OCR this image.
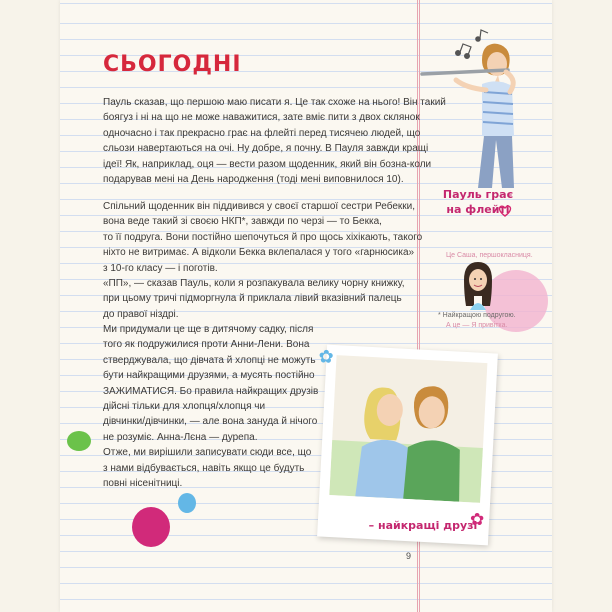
СЬОГОДНІ

Пауль сказав, що першою маю писати я. Це так схоже на нього! Він такий
боягуз і ні на що не може наважитися, зате вміє пити з двох склянок
одночасно і так прекрасно грає на флейті перед тисячею людей, що
сльози навертаються на очі. Ну добре, я почну. В Пауля завжди кращі
ідеї! Як, наприклад, оця — вести разом щоденник, який він бозна-коли
подарував мені на День народження (тоді мені виповнилося 10).

Спільний щоденник він піддивився у своєї старшої сестри Ребекки,
вона веде такий зі своєю НКП*, завжди по черзі — то Бекка,
то її подруга. Вони постійно шепочуться й про щось хіхікають, такого
ніхто не витримає. А відколи Бекка вклепалася у того «гарнюсика»
з 10-го класу — і поготів.

«ПП», — сказав Пауль, коли я розпакувала велику чорну книжку,
при цьому тричі підморгнула й приклала лівий вказівний палець
до правої ніздрі.

Ми придумали це ще в дитячому садку, після
того як подружилися проти Анни-Лени. Вона
стверджувала, що дівчата й хлопці не можуть
бути найкращими друзями, а мусять постійно
ЗАЖИМАТИСЯ. Бо правила найкращих друзів
дійсні тільки для хлопця/хлопця чи
дівчинки/дівчинки, — але вона зануда й нічого
не розуміє. Анна-Лєна — дурепа.
Отже, ми вирішили записувати сюди все, що
з нами відбувається, навіть якщо це будуть
повні нісенітниці.

Пауль грає
на флейті

Це Саша, першокласниця.

* Найкращою подругою.

А це — Я привітка.

✿

– найкращі друзі

✿
9
